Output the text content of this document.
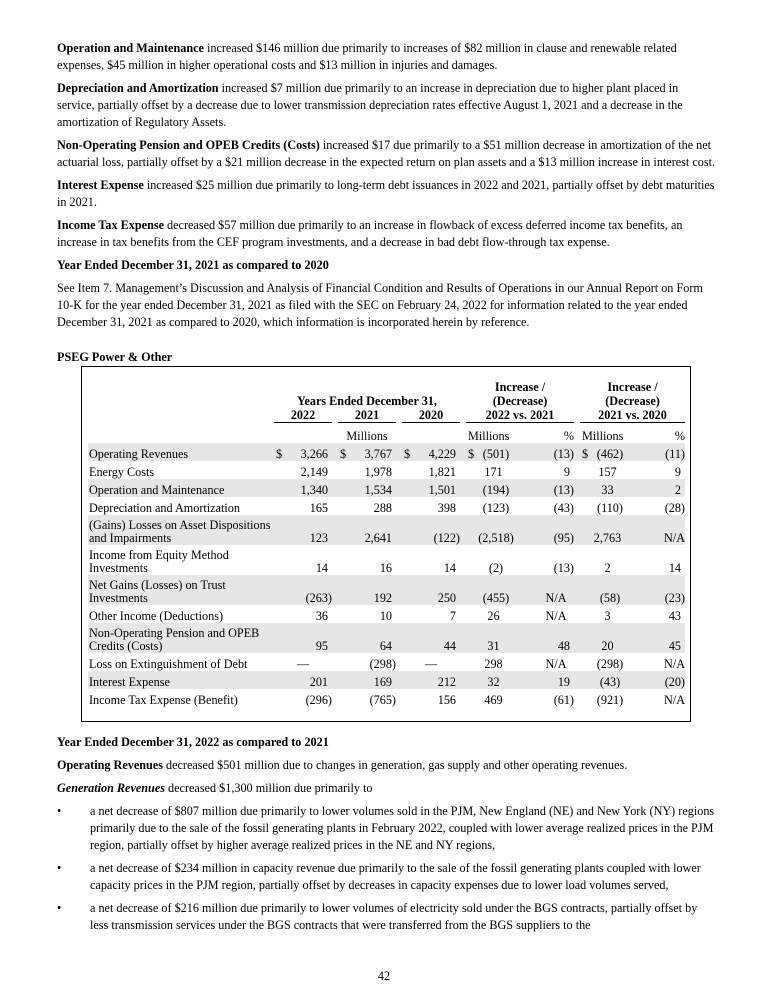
Operation and Maintenance increased $146 million due primarily to increases of $82 million in clause and renewable related expenses, $45 million in higher operational costs and $13 million in injuries and damages.

Depreciation and Amortization increased $7 million due primarily to an increase in depreciation due to higher plant placed in service, partially offset by a decrease due to lower transmission depreciation rates effective August 1, 2021 and a decrease in the amortization of Regulatory Assets.

Non-Operating Pension and OPEB Credits (Costs) increased $17 due primarily to a $51 million decrease in amortization of the net actuarial loss, partially offset by a $21 million decrease in the expected return on plan assets and a $13 million increase in interest cost.

Interest Expense increased $25 million due primarily to long-term debt issuances in 2022 and 2021, partially offset by debt maturities in 2021.

Income Tax Expense decreased $57 million due primarily to an increase in flowback of excess deferred income tax benefits, an increase in tax benefits from the CEF program investments, and a decrease in bad debt flow-through tax expense.

Year Ended December 31, 2021 as compared to 2020

See Item 7. Management’s Discussion and Analysis of Financial Condition and Results of Operations in our Annual Report on Form 10-K for the year ended December 31, 2021 as filed with the SEC on February 24, 2022 for information related to the year ended December 31, 2021 as compared to 2020, which information is incorporated herein by reference.

PSEG Power & Other

							Increase /			Increase /	
	Years Ended December 31,						(Decrease)			(Decrease)	
	2022		2021		2020		2022 vs. 2021			2021 vs. 2020	
			Millions				Millions	%		Millions	%
Operating Revenues	$ 3,266		$ 3,767		$ 4,229		$ (501)	(13)		$ (462)	(11)
Energy Costs	2,149		1,978		1,821		171	9		157	9
Operation and Maintenance	1,340		1,534		1,501		(194)	(13)		33	2
Depreciation and Amortization	165		288		398		(123)	(43)		(110)	(28)
(Gains) Losses on Asset Dispositions and Impairments	123		2,641		(122)		(2,518)	(95)		2,763	N/A
Income from Equity Method Investments	14		16		14		(2)	(13)		2	14
Net Gains (Losses) on Trust Investments	(263)		192		250		(455)	N/A		(58)	(23)
Other Income (Deductions)	36		10		7		26	N/A		3	43
Non-Operating Pension and OPEB Credits (Costs)	95		64		44		31	48		20	45
Loss on Extinguishment of Debt	—		(298)		—		298	N/A		(298)	N/A
Interest Expense	201		169		212		32	19		(43)	(20)
Income Tax Expense (Benefit)	(296)		(765)		156		469	(61)		(921)	N/A

Year Ended December 31, 2022 as compared to 2021

Operating Revenues decreased $501 million due to changes in generation, gas supply and other operating revenues.

Generation Revenues decreased $1,300 million due primarily to

• a net decrease of $807 million due primarily to lower volumes sold in the PJM, New England (NE) and New York (NY) regions primarily due to the sale of the fossil generating plants in February 2022, coupled with lower average realized prices in the PJM region, partially offset by higher average realized prices in the NE and NY regions,
• a net decrease of $234 million in capacity revenue due primarily to the sale of the fossil generating plants coupled with lower capacity prices in the PJM region, partially offset by decreases in capacity expenses due to lower load volumes served,
• a net decrease of $216 million due primarily to lower volumes of electricity sold under the BGS contracts, partially offset by less transmission services under the BGS contracts that were transferred from the BGS suppliers to the
42
